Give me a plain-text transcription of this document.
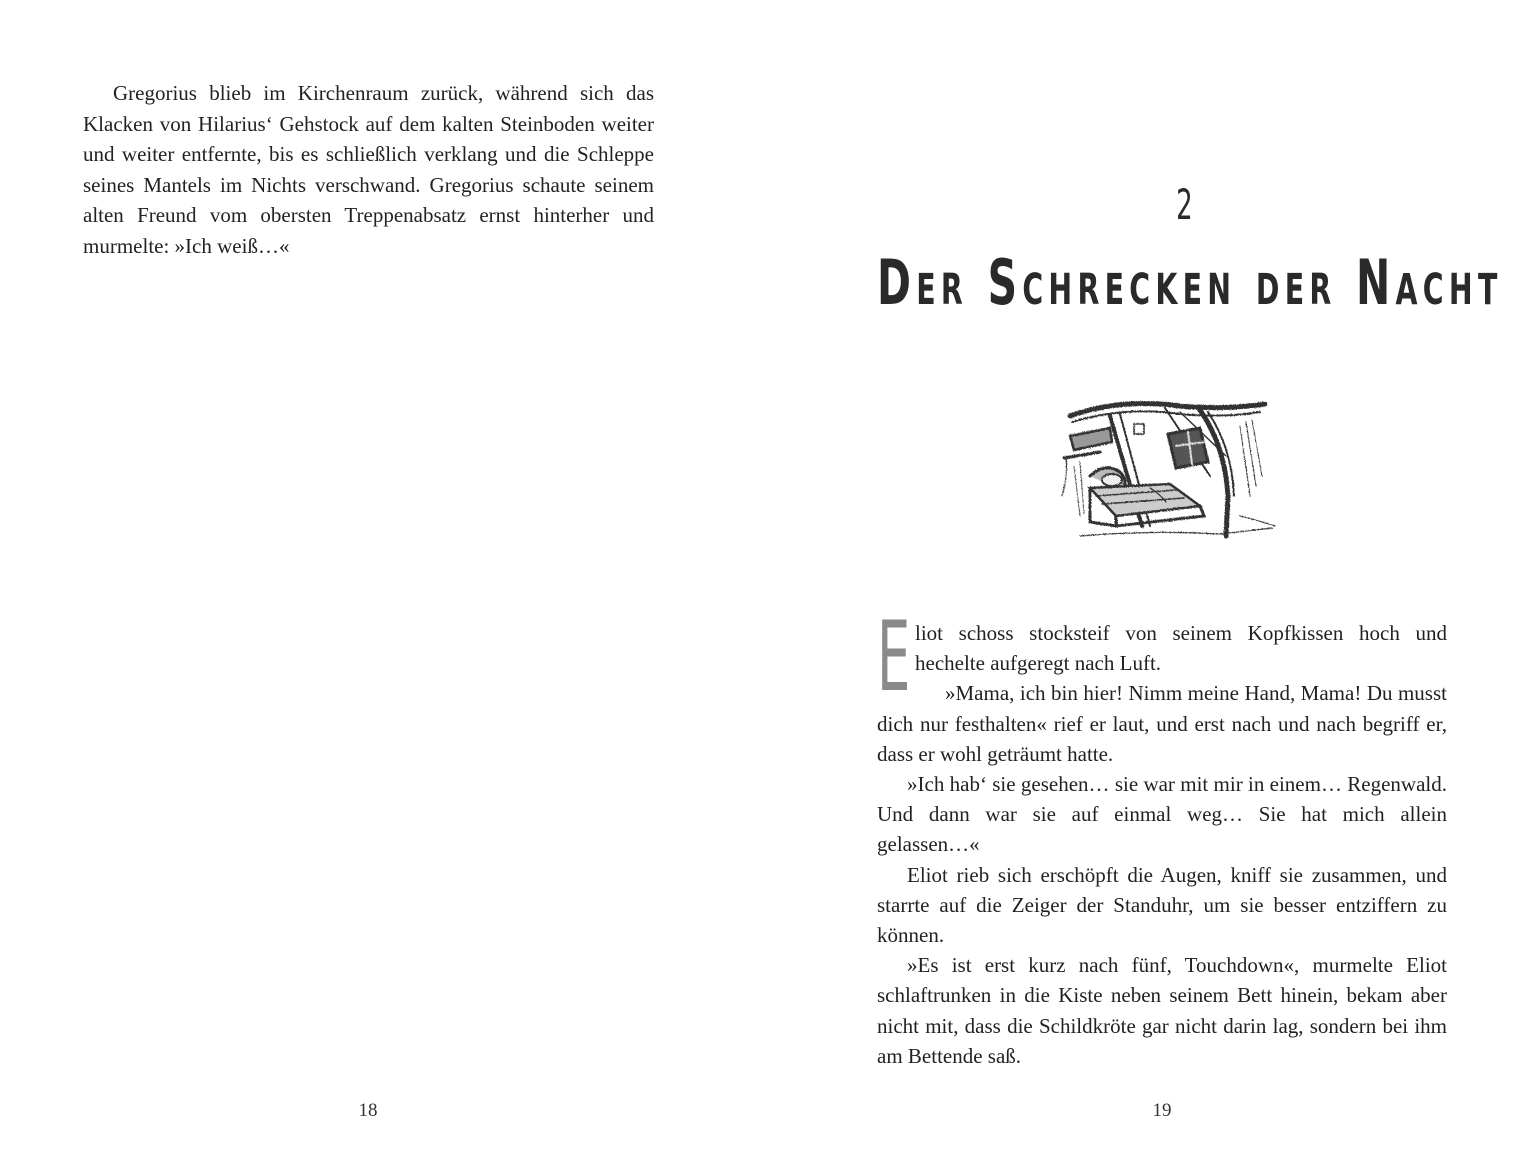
Gregorius blieb im Kirchenraum zurück, während sich das Klacken von Hilarius‘ Gehstock auf dem kalten Steinboden weiter und weiter entfernte, bis es schließlich verklang und die Schleppe seines Mantels im Nichts verschwand. Gregorius schaute seinem alten Freund vom obersten Treppenabsatz ernst hinterher und murmelte: »Ich weiß…«

18
2
Der Schrecken der Nacht

Eliot schoss stocksteif von seinem Kopfkissen hoch und hechelte aufgeregt nach Luft.

»Mama, ich bin hier! Nimm meine Hand, Mama! Du musst dich nur festhalten« rief er laut, und erst nach und nach begriff er, dass er wohl geträumt hatte.

»Ich hab‘ sie gesehen… sie war mit mir in einem… Regenwald. Und dann war sie auf einmal weg… Sie hat mich allein gelassen…«

Eliot rieb sich erschöpft die Augen, kniff sie zusammen, und starrte auf die Zeiger der Standuhr, um sie besser entziffern zu können.

»Es ist erst kurz nach fünf, Touchdown«, murmelte Eliot schlaftrunken in die Kiste neben seinem Bett hinein, bekam aber nicht mit, dass die Schildkröte gar nicht darin lag, sondern bei ihm am Bettende saß.

19
